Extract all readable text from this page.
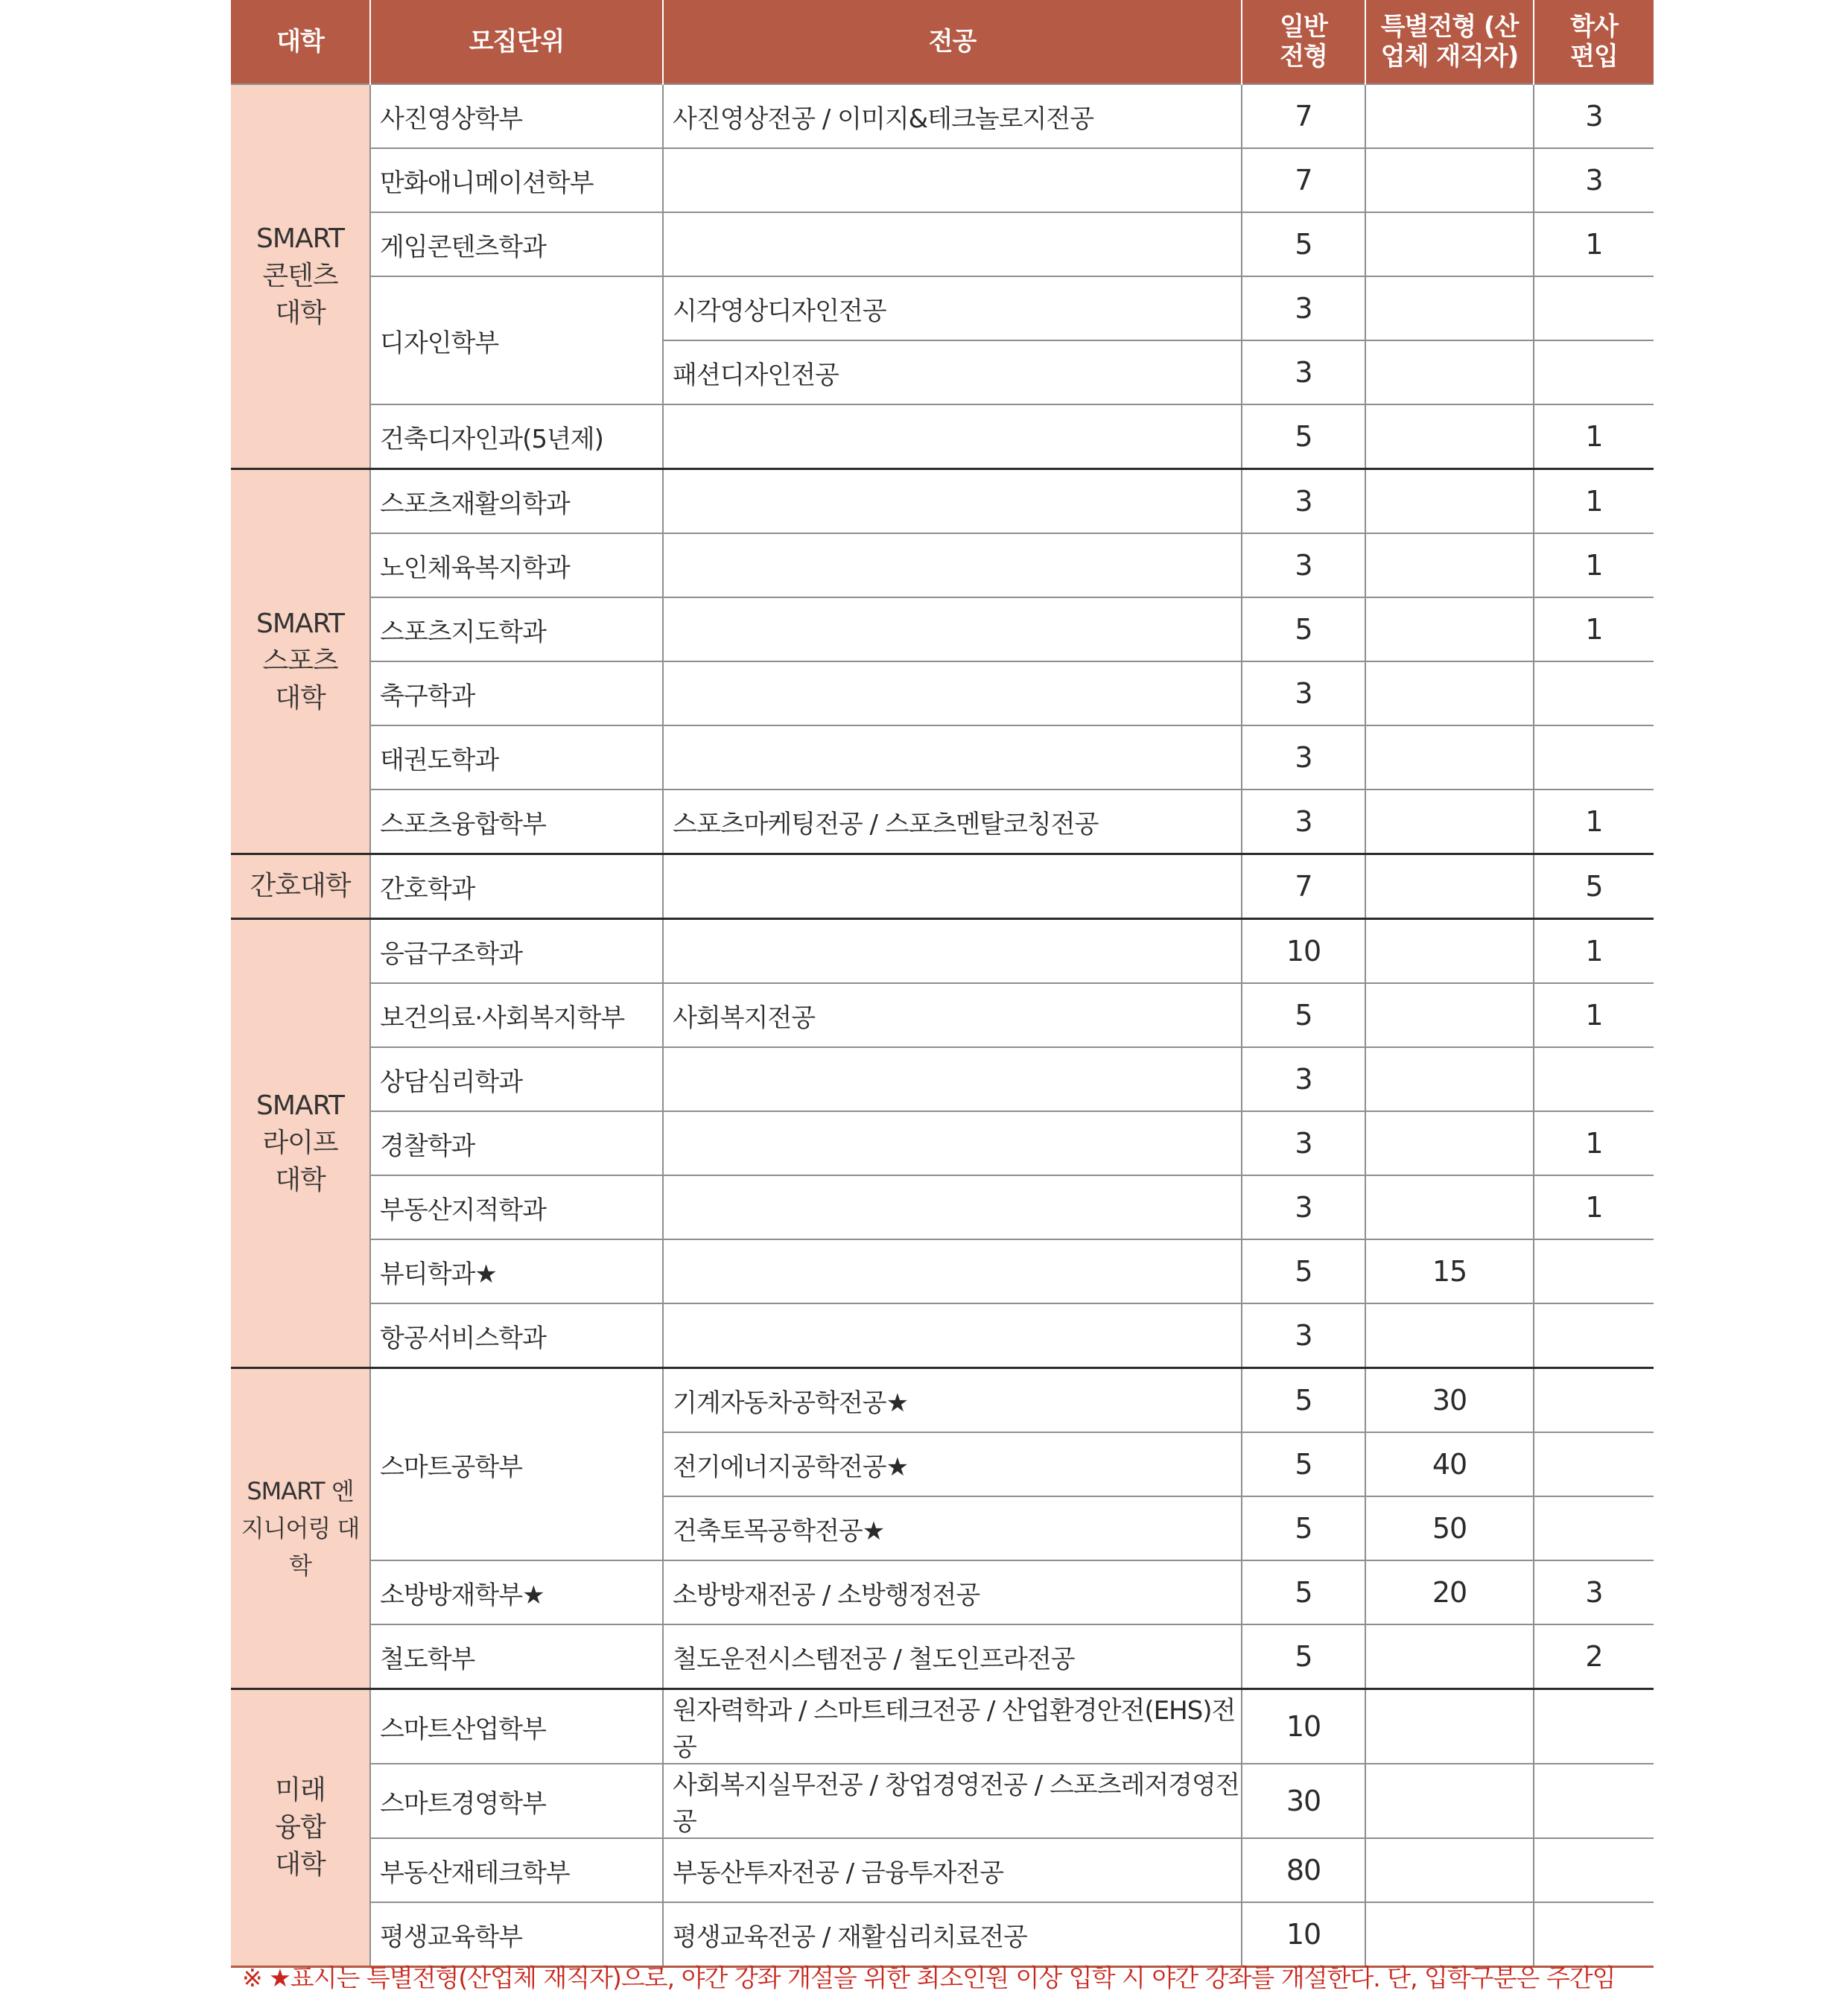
대학	모집단위	전공	일반 전형	특별전형 (산업체 재직자)	학사 편입
SMART 콘텐츠 대학	사진영상학부	사진영상전공 / 이미지&테크놀로지전공	7		3
	만화애니메이션학부		7		3
	게임콘텐츠학과		5		1
	디자인학부	시각영상디자인전공	3		
		패션디자인전공	3		
	건축디자인과(5년제)		5		1
SMART 스포츠 대학	스포츠재활의학과		3		1
	노인체육복지학과		3		1
	스포츠지도학과		5		1
	축구학과		3		
	태권도학과		3		
	스포츠융합학부	스포츠마케팅전공 / 스포츠멘탈코칭전공	3		1
간호대학	간호학과		7		5
SMART 라이프 대학	응급구조학과		10		1
	보건의료·사회복지학부	사회복지전공	5		1
	상담심리학과		3		
	경찰학과		3		1
	부동산지적학과		3		1
	뷰티학과★		5	15	
	항공서비스학과		3		
SMART 엔지니어링 대학	스마트공학부	기계자동차공학전공★	5	30	
		전기에너지공학전공★	5	40	
		건축토목공학전공★	5	50	
	소방방재학부★	소방방재전공 / 소방행정전공	5	20	3
	철도학부	철도운전시스템전공 / 철도인프라전공	5		2
미래 융합 대학	스마트산업학부	원자력학과 / 스마트테크전공 / 산업환경안전(EHS)전공	10		
	스마트경영학부	사회복지실무전공 / 창업경영전공 / 스포츠레저경영전공	30		
	부동산재테크학부	부동산투자전공 / 금융투자전공	80		
	평생교육학부	평생교육전공 / 재활심리치료전공	10		
※ ★표시는 특별전형(산업체 재직자)으로, 야간 강좌 개설을 위한 최소인원 이상 입학 시 야간 강좌를 개설한다. 단, 입학구분은 주간임
